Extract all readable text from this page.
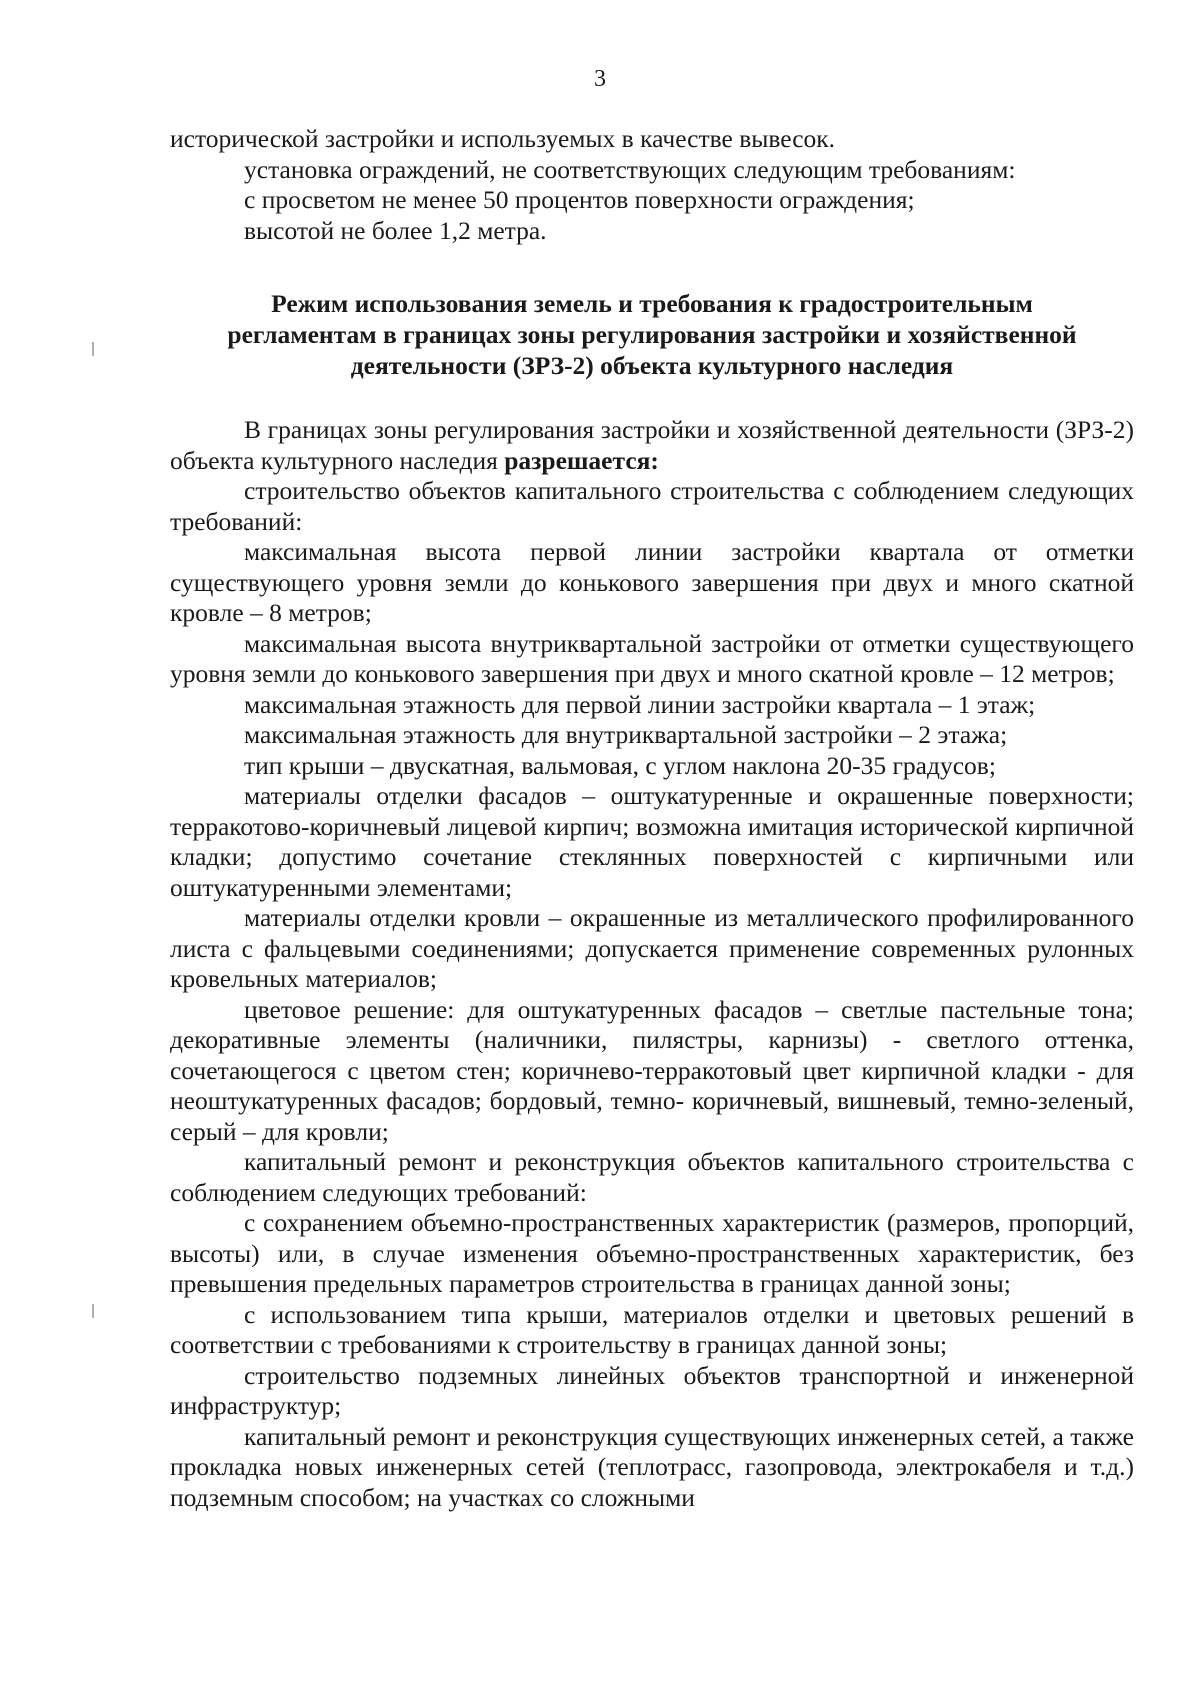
3

исторической застройки и используемых в качестве вывесок.

установка ограждений, не соответствующих следующим требованиям:

с просветом не менее 50 процентов поверхности ограждения;

высотой не более 1,2 метра.

Режим использования земель и требования к градостроительным
регламентам в границах зоны регулирования застройки и хозяйственной
деятельности (ЗРЗ-2) объекта культурного наследия

В границах зоны регулирования застройки и хозяйственной деятельности (ЗРЗ-2) объекта культурного наследия разрешается:

строительство объектов капитального строительства с соблюдением следующих требований:

максимальная высота первой линии застройки квартала от отметки существующего уровня земли до конькового завершения при двух и много скатной кровле – 8 метров;

максимальная высота внутриквартальной застройки от отметки существующего уровня земли до конькового завершения при двух и много скатной кровле – 12 метров;

максимальная этажность для первой линии застройки квартала – 1 этаж;

максимальная этажность для внутриквартальной застройки – 2 этажа;

тип крыши – двускатная, вальмовая, с углом наклона 20-35 градусов;

материалы отделки фасадов – оштукатуренные и окрашенные поверхности; терракотово-коричневый лицевой кирпич; возможна имитация исторической кирпичной кладки; допустимо сочетание стеклянных поверхностей с кирпичными или оштукатуренными элементами;

материалы отделки кровли – окрашенные из металлического профилированного листа с фальцевыми соединениями; допускается применение современных рулонных кровельных материалов;

цветовое решение: для оштукатуренных фасадов – светлые пастельные тона; декоративные элементы (наличники, пилястры, карнизы) - светлого оттенка, сочетающегося с цветом стен; коричнево-терракотовый цвет кирпичной кладки - для неоштукатуренных фасадов; бордовый, темно- коричневый, вишневый, темно-зеленый, серый – для кровли;

капитальный ремонт и реконструкция объектов капитального строительства с соблюдением следующих требований:

с сохранением объемно-пространственных характеристик (размеров, пропорций, высоты) или, в случае изменения объемно-пространственных характеристик, без превышения предельных параметров строительства в границах данной зоны;

с использованием типа крыши, материалов отделки и цветовых решений в соответствии с требованиями к строительству в границах данной зоны;

строительство подземных линейных объектов транспортной и инженерной инфраструктур;

капитальный ремонт и реконструкция существующих инженерных сетей, а также прокладка новых инженерных сетей (теплотрасс, газопровода, электрокабеля и т.д.) подземным способом; на участках со сложными
